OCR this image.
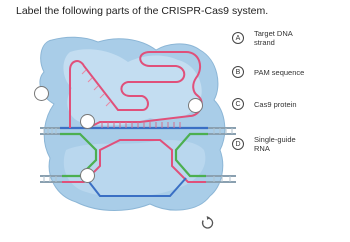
Label the following parts of the CRISPR-Cas9 system.
A	Target DNA
strand
B	PAM sequence
C	Cas9 protein
D	Single-guide
RNA
